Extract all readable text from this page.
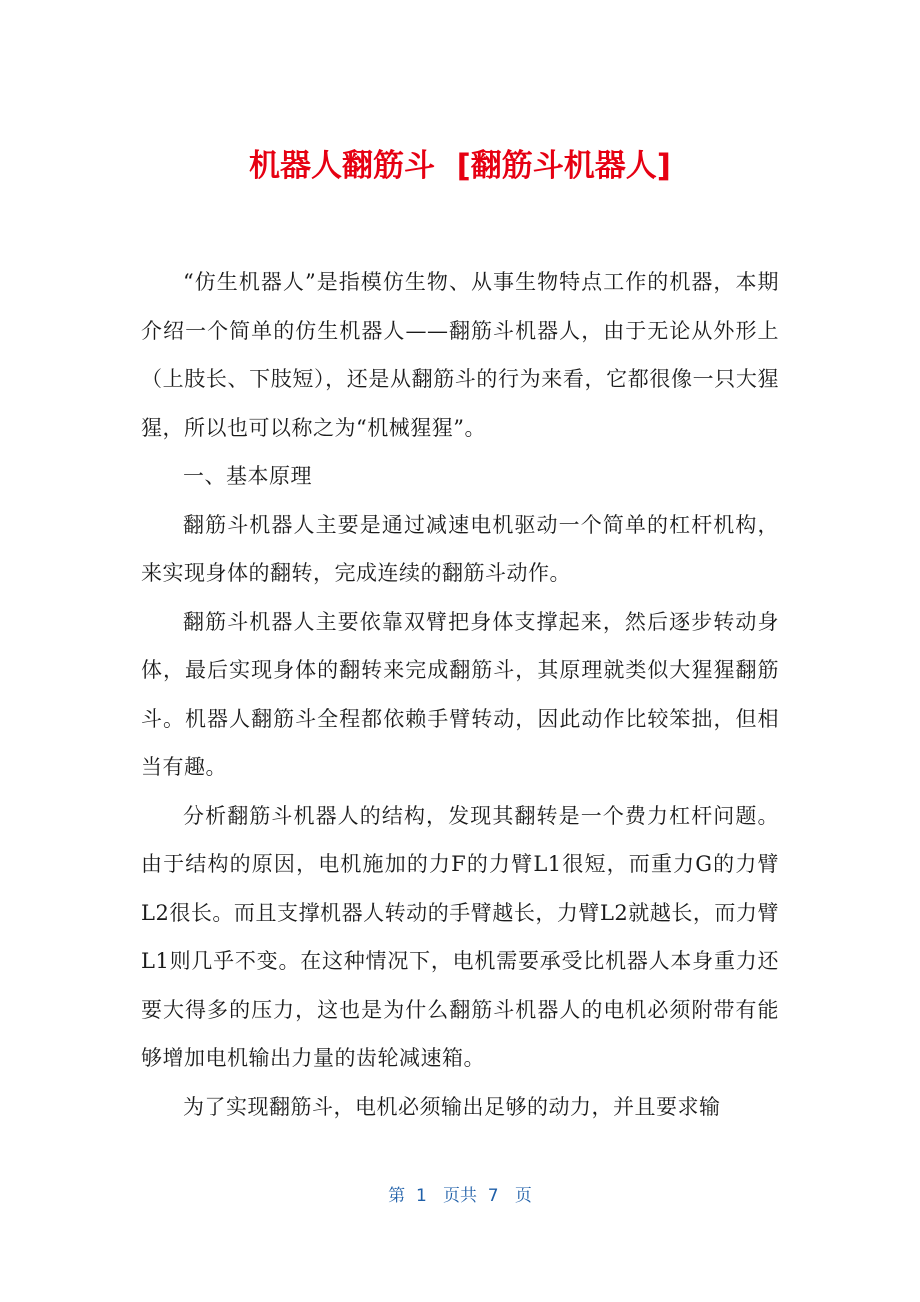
机器人翻筋斗  [翻筋斗机器人]

“仿生机器人”是指模仿生物、从事生物特点工作的机器，本期介绍一个简单的仿生机器人——翻筋斗机器人，由于无论从外形上（上肢长、下肢短），还是从翻筋斗的行为来看，它都很像一只大猩猩，所以也可以称之为“机械猩猩”。

一、基本原理

翻筋斗机器人主要是通过减速电机驱动一个简单的杠杆机构，来实现身体的翻转，完成连续的翻筋斗动作。

翻筋斗机器人主要依靠双臂把身体支撑起来，然后逐步转动身体，最后实现身体的翻转来完成翻筋斗，其原理就类似大猩猩翻筋斗。机器人翻筋斗全程都依赖手臂转动，因此动作比较笨拙，但相当有趣。

分析翻筋斗机器人的结构，发现其翻转是一个费力杠杆问题。由于结构的原因，电机施加的力F的力臂L1很短，而重力G的力臂L2很长。而且支撑机器人转动的手臂越长，力臂L2就越长，而力臂L1则几乎不变。在这种情况下，电机需要承受比机器人本身重力还要大得多的压力，这也是为什么翻筋斗机器人的电机必须附带有能够增加电机输出力量的齿轮减速箱。

为了实现翻筋斗，电机必须输出足够的动力，并且要求输

第  1   页共  7   页
